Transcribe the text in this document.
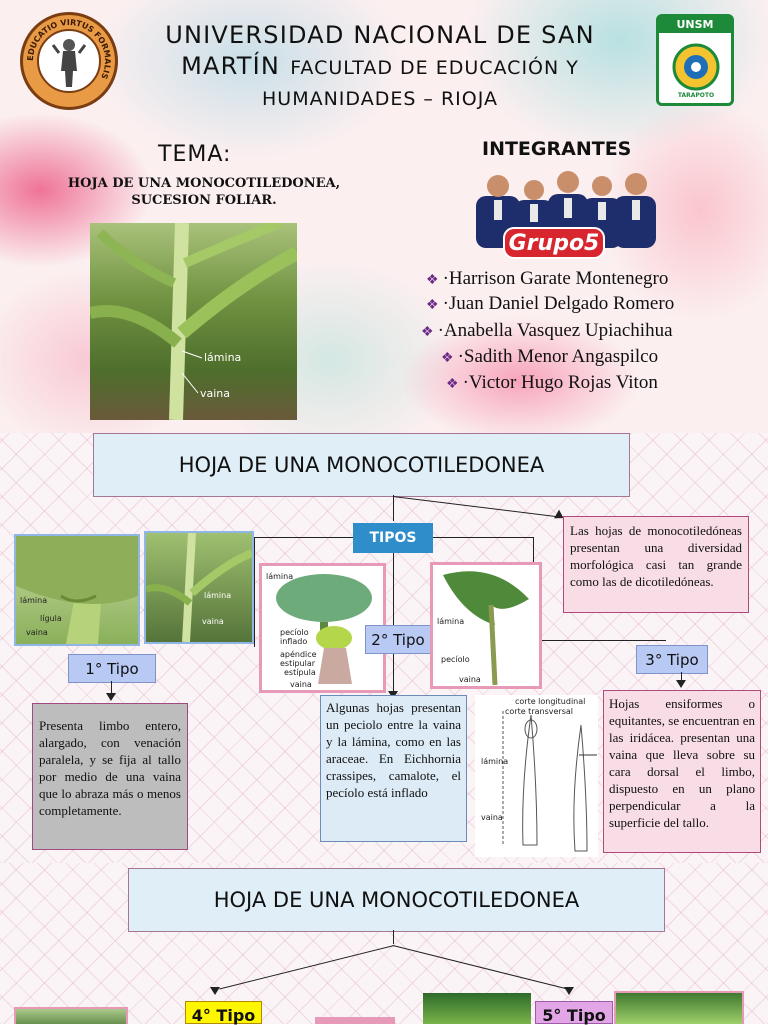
EDUCATIO VIRTUS FORMALIS
UNIVERSIDAD NACIONAL DE SAN
MARTÍN FACULTAD DE EDUCACIÓN Y
HUMANIDADES – RIOJA
UNSM
TARAPOTO
TEMA:
HOJA DE UNA MONOCOTILEDONEA,
SUCESION FOLIAR.
lámina
vaina
INTEGRANTES
Grupo5
❖ ·Harrison Garate Montenegro
❖ ·Juan Daniel Delgado Romero
❖ ·Anabella Vasquez Upiachihua
❖ ·Sadith Menor Angaspilco
❖ ·Victor Hugo Rojas Viton
HOJA DE UNA MONOCOTILEDONEA
TIPOS	Las hojas de monocotiledóneas presentan una diversidad morfológica casi tan grande como las de dicotiledóneas.
lámina
lígula
vaina
lámina
vaina
1° Tipo
Presenta limbo entero, alargado, con venación paralela, y se fija al tallo por medio de una vaina que lo abraza más o menos completamente.
lámina
pecíolo inflado
apéndice estipular
estípula
vaina
2° Tipo
Algunas hojas presentan un peciolo entre la vaina y la lámina, como en las araceae. En Eichhornia crassipes, camalote, el pecíolo está inflado
lámina
pecíolo
vaina
3° Tipo
Hojas ensiformes o equitantes, se encuentran en las iridácea. presentan una vaina que lleva sobre su cara dorsal el limbo, dispuesto en un plano perpendicular a la superficie del tallo.
corte longitudinal
corte transversal
lámina
vaina
HOJA DE UNA MONOCOTILEDONEA
4° Tipo	5° Tipo
